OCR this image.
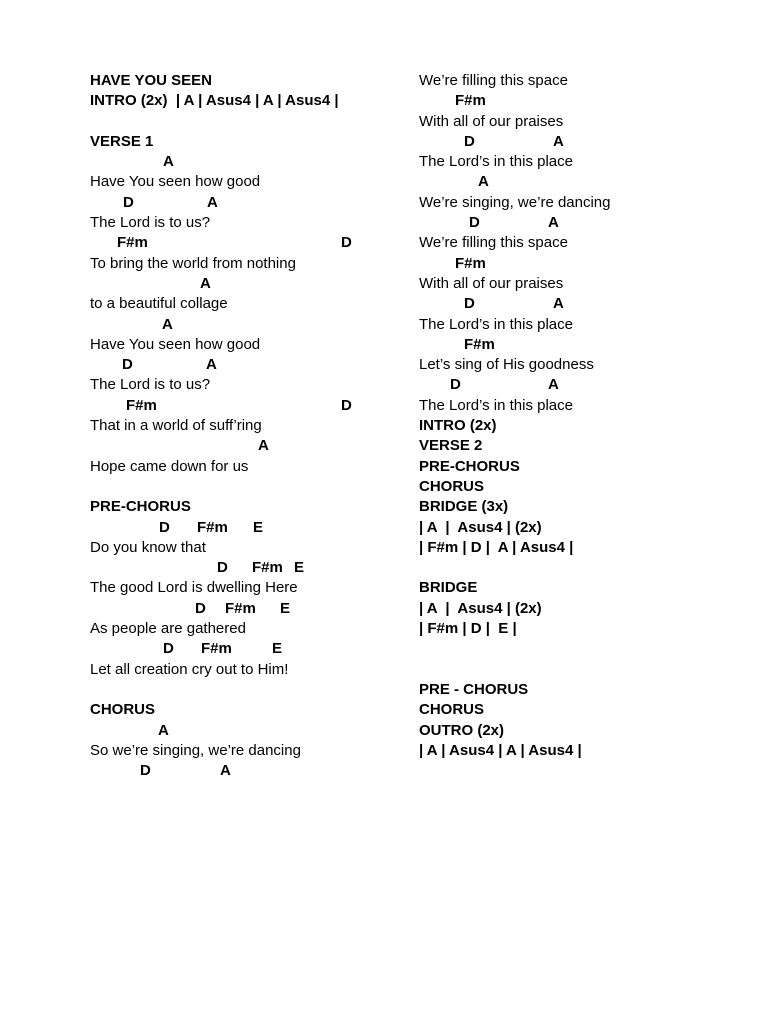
HAVE YOU SEEN
INTRO (2x)  | A | Asus4 | A | Asus4 |
VERSE 1

A

Have You seen how good

D

	A

The Lord is to us?

F#m

	D

To bring the world from nothing

A

to a beautiful collage

A

Have You seen how good

D

	A

The Lord is to us?

F#m

	D

That in a world of suff’ring

A

Hope came down for us
PRE-CHORUS

D

F#m

E

Do you know that

D

F#m

E

The good Lord is dwelling Here

D

F#m

E

As people are gathered

D

F#m

	E

Let all creation cry out to Him!
CHORUS

A

So we’re singing, we’re dancing

D

	A

We’re filling this space

F#m

With all of our praises

D

	A

The Lord’s in this place

A

We’re singing, we’re dancing

D

	A

We’re filling this space

F#m

With all of our praises

D

	A

The Lord’s in this place

F#m

Let’s sing of His goodness

D

	A

The Lord’s in this place
INTRO (2x)
VERSE 2
PRE-CHORUS
CHORUS
BRIDGE (3x)
| A  |  Asus4 | (2x)
| F#m | D |  A | Asus4 |
BRIDGE
| A  |  Asus4 | (2x)
| F#m | D |  E |
PRE - CHORUS
CHORUS
OUTRO (2x)
| A | Asus4 | A | Asus4 |
